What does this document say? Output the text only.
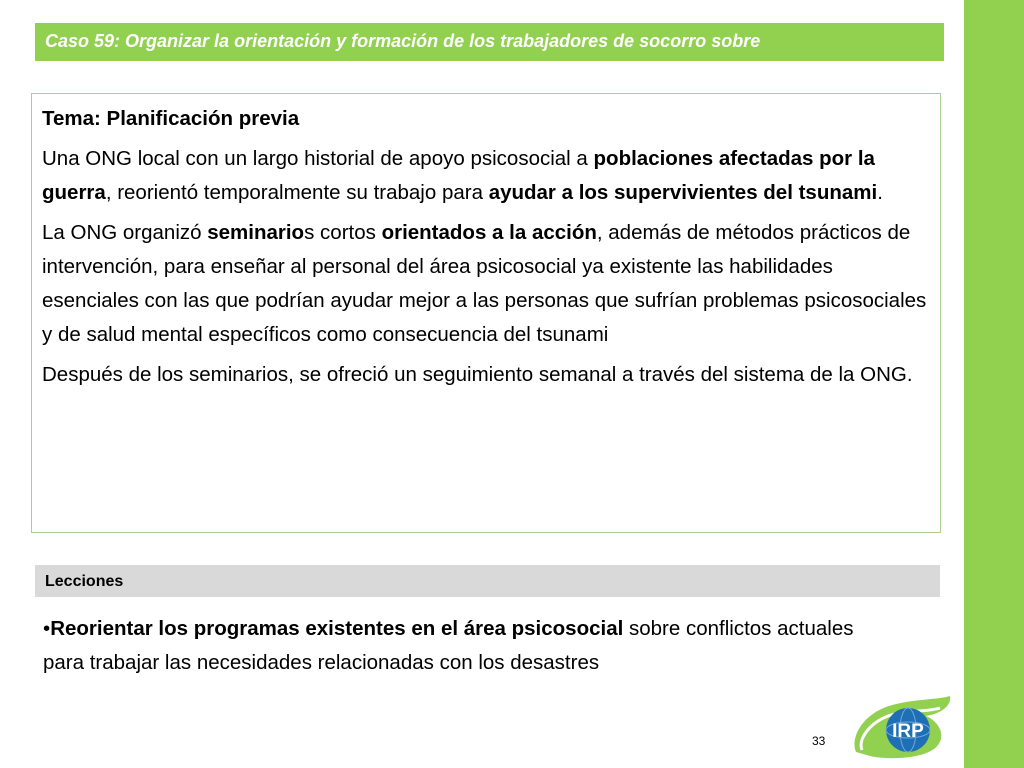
Caso 59: Organizar la orientación y formación de los trabajadores de socorro sobre

Tema: Planificación previa

Una ONG local con un largo historial de apoyo psicosocial a poblaciones afectadas por la guerra, reorientó temporalmente su trabajo para ayudar a los supervivientes del tsunami.

La ONG organizó seminarios cortos orientados a la acción, además de métodos prácticos de intervención, para enseñar al personal del área psicosocial ya existente las habilidades esenciales con las que podrían ayudar mejor a las personas que sufrían problemas psicosociales y de salud mental específicos como consecuencia del tsunami

Después de los seminarios, se ofreció un seguimiento semanal a través del sistema de la ONG.

Lecciones
•Reorientar los programas existentes en el área psicosocial sobre conflictos actuales para trabajar las necesidades relacionadas con los desastres
33	IRP
